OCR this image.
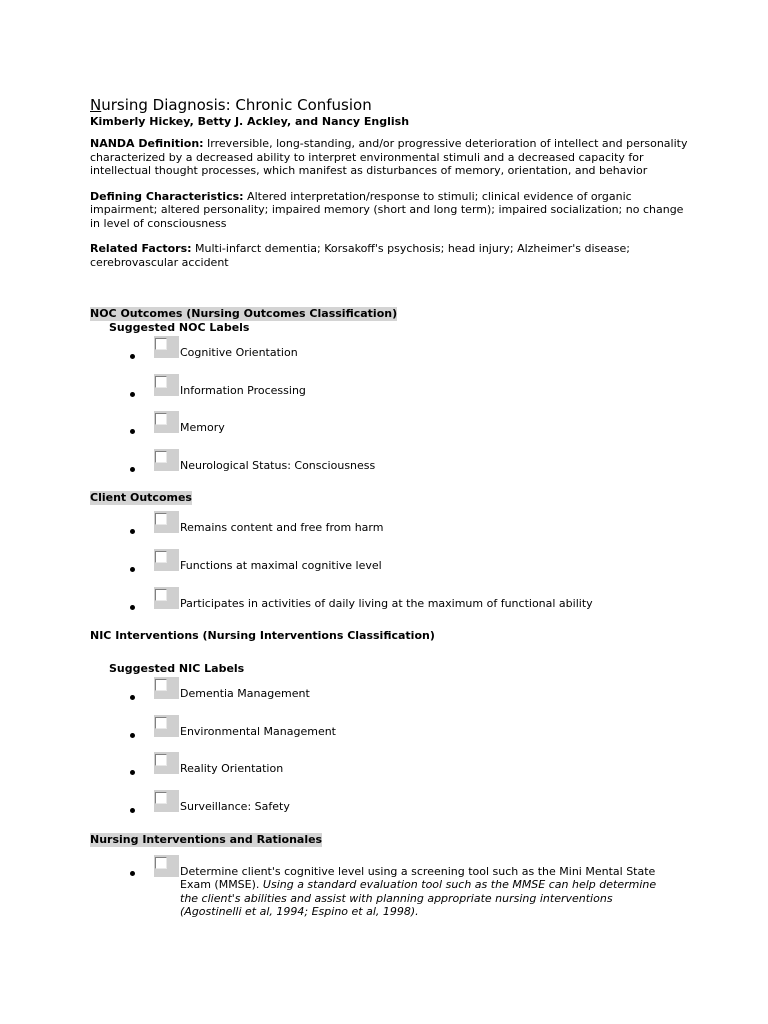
Nursing Diagnosis: Chronic Confusion

Kimberly Hickey, Betty J. Ackley, and Nancy English

NANDA Definition: Irreversible, long-standing, and/or progressive deterioration of intellect and personality characterized by a decreased ability to interpret environmental stimuli and a decreased capacity for intellectual thought processes, which manifest as disturbances of memory, orientation, and behavior

Defining Characteristics: Altered interpretation/response to stimuli; clinical evidence of organic impairment; altered personality; impaired memory (short and long term); impaired socialization; no change in level of consciousness

Related Factors: Multi-infarct dementia; Korsakoff's psychosis; head injury; Alzheimer's disease; cerebrovascular accident

NOC Outcomes (Nursing Outcomes Classification)

Suggested NOC Labels
Cognitive Orientation
Information Processing
Memory
Neurological Status: Consciousness
Client Outcomes
Remains content and free from harm
Functions at maximal cognitive level
Participates in activities of daily living at the maximum of functional ability
NIC Interventions (Nursing Interventions Classification)
Suggested NIC Labels
Dementia Management
Environmental Management
Reality Orientation
Surveillance: Safety
Nursing Interventions and Rationales
Determine client's cognitive level using a screening tool such as the Mini Mental State Exam (MMSE). Using a standard evaluation tool such as the MMSE can help determine the client's abilities and assist with planning appropriate nursing interventions (Agostinelli et al, 1994; Espino et al, 1998).
